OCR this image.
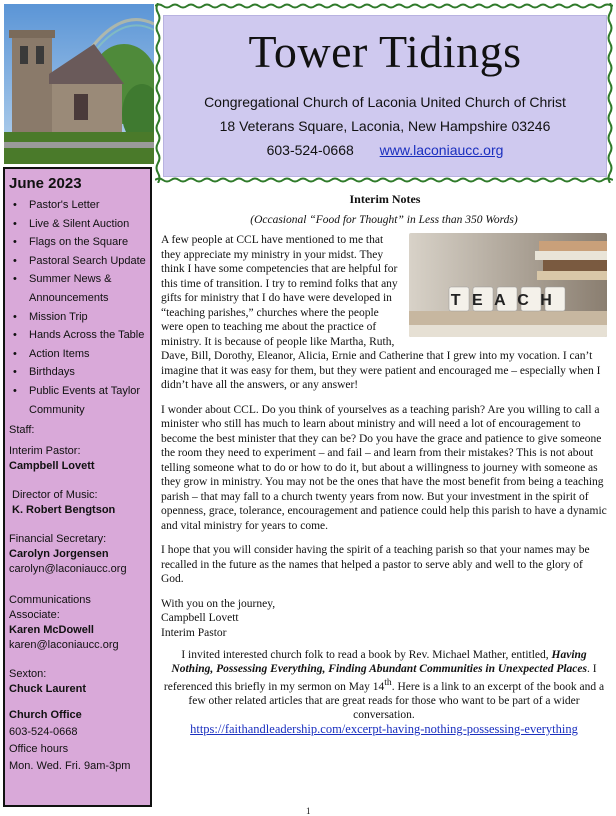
June 2023
• Pastor's Letter
• Live & Silent Auction
• Flags on the Square
• Pastoral Search Update
• Summer News & Announcements
• Mission Trip
• Hands Across the Table
• Action Items
• Birthdays
• Public Events at Taylor Community
Staff:
Interim Pastor:
Campbell Lovett
Director of Music:
K. Robert Bengtson
Financial Secretary:
Carolyn Jorgensen
carolyn@laconiaucc.org
Communications
Associate:
Karen McDowell
karen@laconiaucc.org
Sexton:
Chuck Laurent
Church Office
603-524-0668
Office hours
Mon. Wed. Fri. 9am-3pm
Tower Tidings
Congregational Church of Laconia United Church of Christ
18 Veterans Square, Laconia, New Hampshire 03246
603-524-0668 www.laconiaucc.org
Interim Notes
(Occasional “Food for Thought” in Less than 350 Words)
TEACH

A few people at CCL have mentioned to me that they appreciate my ministry in your midst. They think I have some competencies that are helpful for this time of transition. I try to remind folks that any gifts for ministry that I do have were developed in “teaching parishes,” churches where the people were open to teaching me about the practice of ministry. It is because of people like Martha, Ruth, Dave, Bill, Dorothy, Eleanor, Alicia, Ernie and Catherine that I grew into my vocation. I can’t imagine that it was easy for them, but they were patient and encouraged me – especially when I didn’t have all the answers, or any answer!

I wonder about CCL. Do you think of yourselves as a teaching parish? Are you willing to call a minister who still has much to learn about ministry and will need a lot of encouragement to become the best minister that they can be? Do you have the grace and patience to give someone the room they need to experiment – and fail – and learn from their mistakes? This is not about telling someone what to do or how to do it, but about a willingness to journey with someone as they grow in ministry. You may not be the ones that have the most benefit from being a teaching parish – that may fall to a church twenty years from now. But your investment in the spirit of openness, grace, tolerance, encouragement and patience could help this parish to have a dynamic and vital ministry for years to come.

I hope that you will consider having the spirit of a teaching parish so that your names may be recalled in the future as the names that helped a pastor to serve ably and well to the glory of God.

With you on the journey,
Campbell Lovett
Interim Pastor
I invited interested church folk to read a book by Rev. Michael Mather, entitled, Having Nothing, Possessing Everything, Finding Abundant Communities in Unexpected Places. I referenced this briefly in my sermon on May 14th. Here is a link to an excerpt of the book and a few other related articles that are great reads for those who want to be part of a wider conversation.
https://faithandleadership.com/excerpt-having-nothing-possessing-everything
1
